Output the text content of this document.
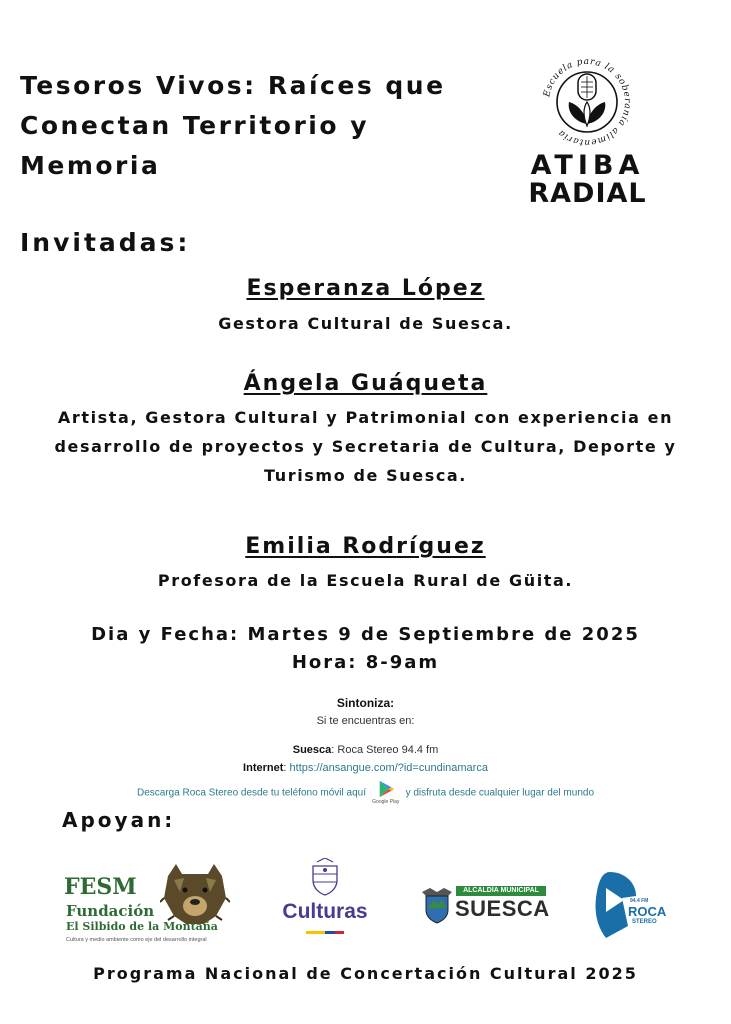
Tesoros Vivos: Raíces que
Conectan Territorio y
Memoria
Escuela para la soberanía alimentaria
ATIBA
RADIAL
Invitadas:
Esperanza López
Gestora Cultural de Suesca.
Ángela Guáqueta
Artista, Gestora Cultural y Patrimonial con experiencia en
desarrollo de proyectos y Secretaria de Cultura, Deporte y
Turismo de Suesca.
Emilia Rodríguez
Profesora de la Escuela Rural de Güita.
Dia y Fecha: Martes 9 de Septiembre de 2025
Hora: 8-9am
Sintoniza:
Si te encuentras en:
Suesca: Roca Stereo 94.4 fm
Internet: https://ansangue.com/?id=cundinamarca
Descarga Roca Stereo desde tu teléfono móvil aquí
Google Play
y disfruta desde cualquier lugar del mundo
Apoyan:
FESM
Fundación
El Silbido de la Montaña
Cultura y medio ambiente como eje del desarrollo integral
Culturas
ALCALDÍA MUNICIPAL
SUESCA	94.4 FM
ROCA
STEREO
Programa Nacional de Concertación Cultural 2025
